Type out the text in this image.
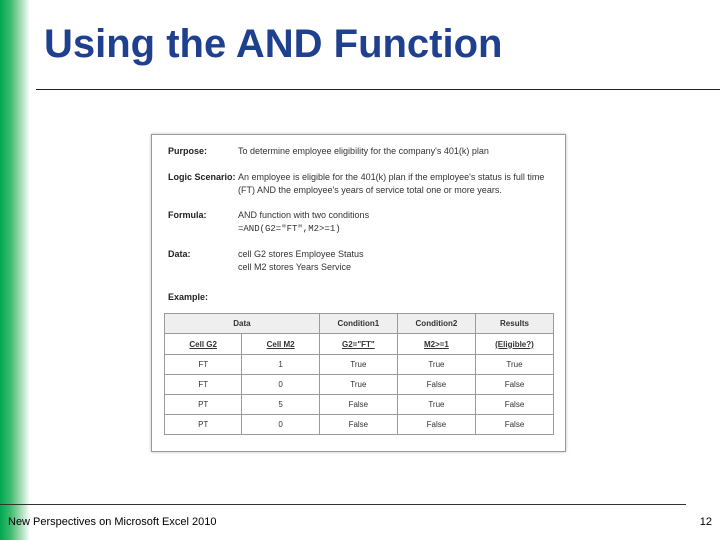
Using the AND Function
Purpose:	To determine employee eligibility for the company's 401(k) plan
Logic Scenario: An employee is eligible for the 401(k) plan if the employee's status is full time (FT) AND the employee's years of service total one or more years.
Formula:	AND function with two conditions
=AND(G2="FT",M2>=1)
Data:	cell G2 stores Employee Status
cell M2 stores Years Service
Example:
Data		Condition1	Condition2	Results
Cell G2	Cell M2	G2="FT"	M2>=1	(Eligible?)
FT	1	True	True	True
FT	0	True	False	False
PT	5	False	True	False
PT	0	False	False	False
New Perspectives on Microsoft Excel 2010	12
